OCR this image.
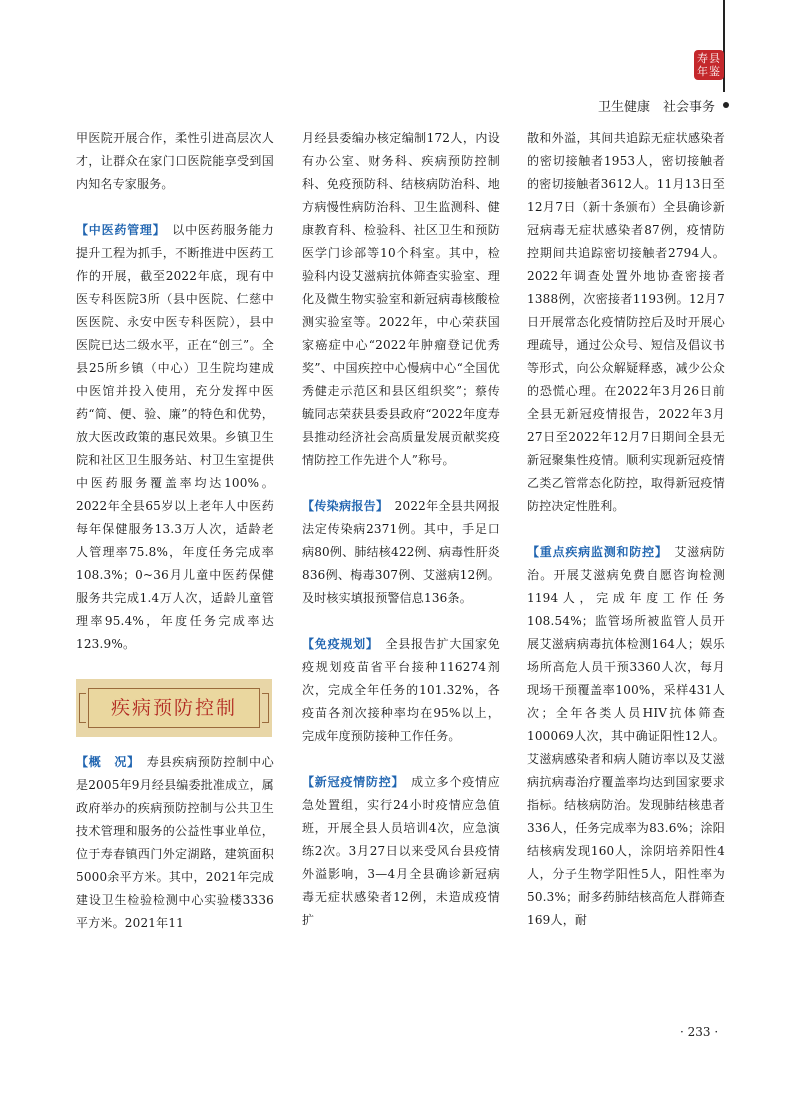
寿县
年鉴
卫生健康　社会事务

甲医院开展合作，柔性引进高层次人才，让群众在家门口医院能享受到国内知名专家服务。

【中医药管理】　以中医药服务能力提升工程为抓手，不断推进中医药工作的开展，截至2022年底，现有中医专科医院3所（县中医院、仁慈中医医院、永安中医专科医院），县中医院已达二级水平，正在“创三”。全县25所乡镇（中心）卫生院均建成中医馆并投入使用，充分发挥中医药“简、便、验、廉”的特色和优势，放大医改政策的惠民效果。乡镇卫生院和社区卫生服务站、村卫生室提供中医药服务覆盖率均达100%。2022年全县65岁以上老年人中医药每年保健服务13.3万人次，适龄老人管理率75.8%，年度任务完成率108.3%；0~36月儿童中医药保健服务共完成1.4万人次，适龄儿童管理率95.4%，年度任务完成率达123.9%。

疾病预防控制

【概　况】　寿县疾病预防控制中心是2005年9月经县编委批准成立，属政府举办的疾病预防控制与公共卫生技术管理和服务的公益性事业单位，位于寿春镇西门外定湖路，建筑面积5000余平方米。其中，2021年完成建设卫生检验检测中心实验楼3336平方米。2021年11

月经县委编办核定编制172人，内设有办公室、财务科、疾病预防控制科、免疫预防科、结核病防治科、地方病慢性病防治科、卫生监测科、健康教育科、检验科、社区卫生和预防医学门诊部等10个科室。其中，检验科内设艾滋病抗体筛查实验室、理化及微生物实验室和新冠病毒核酸检测实验室等。2022年，中心荣获国家癌症中心“2022年肿瘤登记优秀奖”、中国疾控中心慢病中心“全国优秀健走示范区和县区组织奖”；蔡传毓同志荣获县委县政府“2022年度寿县推动经济社会高质量发展贡献奖疫情防控工作先进个人”称号。

【传染病报告】　2022年全县共网报法定传染病2371例。其中，手足口病80例、肺结核422例、病毒性肝炎836例、梅毒307例、艾滋病12例。及时核实填报预警信息136条。

【免疫规划】　全县报告扩大国家免疫规划疫苗省平台接种116274剂次，完成全年任务的101.32%，各疫苗各剂次接种率均在95%以上，完成年度预防接种工作任务。

【新冠疫情防控】　成立多个疫情应急处置组，实行24小时疫情应急值班，开展全县人员培训4次，应急演练2次。3月27日以来受风台县疫情外溢影响，3—4月全县确诊新冠病毒无症状感染者12例，未造成疫情扩

散和外溢，其间共追踪无症状感染者的密切接触者1953人，密切接触者的密切接触者3612人。11月13日至12月7日（新十条颁布）全县确诊新冠病毒无症状感染者87例，疫情防控期间共追踪密切接触者2794人。2022年调查处置外地协查密接者1388例，次密接者1193例。12月7日开展常态化疫情防控后及时开展心理疏导，通过公众号、短信及倡议书等形式，向公众解疑释惑，减少公众的恐慌心理。在2022年3月26日前全县无新冠疫情报告，2022年3月27日至2022年12月7日期间全县无新冠聚集性疫情。顺利实现新冠疫情乙类乙管常态化防控，取得新冠疫情防控决定性胜利。

【重点疾病监测和防控】　艾滋病防治。开展艾滋病免费自愿咨询检测1194人，完成年度工作任务108.54%；监管场所被监管人员开展艾滋病病毒抗体检测164人；娱乐场所高危人员干预3360人次，每月现场干预覆盖率100%，采样431人次；全年各类人员HIV抗体筛查100069人次，其中确证阳性12人。艾滋病感染者和病人随访率以及艾滋病抗病毒治疗覆盖率均达到国家要求指标。结核病防治。发现肺结核患者336人，任务完成率为83.6%；涂阳结核病发现160人，涂阴培养阳性4人，分子生物学阳性5人，阳性率为50.3%；耐多药肺结核高危人群筛查169人，耐

· 233 ·
